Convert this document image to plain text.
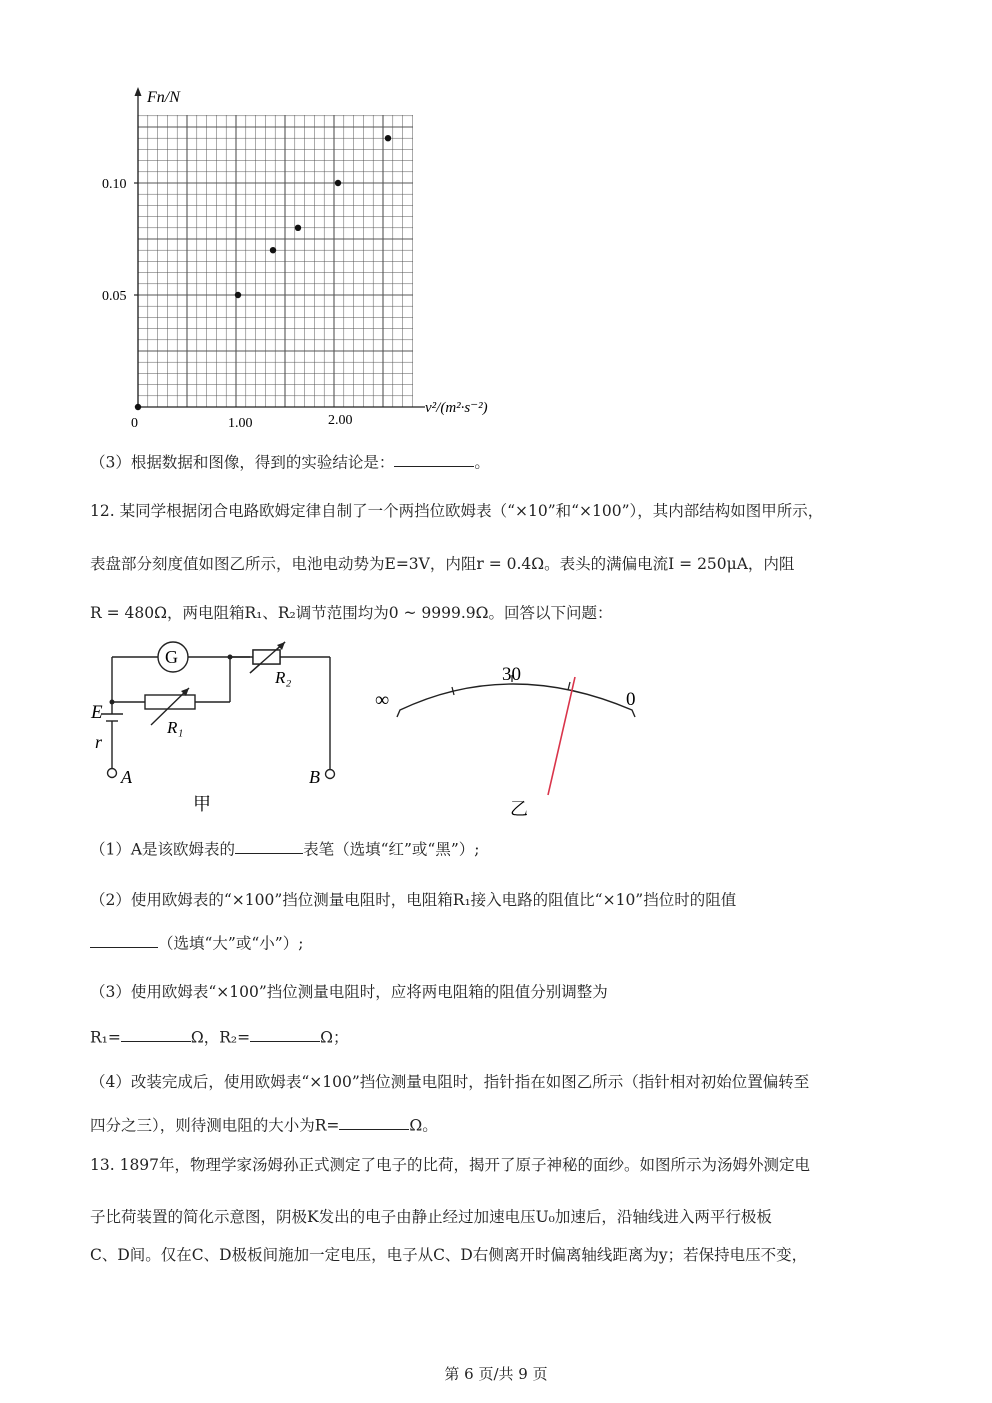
Fn/N
v²/(m²·s⁻²)
0.05
0.10
0	1.00	2.00
（3）根据数据和图像，得到的实验结论是：	。
12. 某同学根据闭合电路欧姆定律自制了一个两挡位欧姆表（“×10”和“×100”），其内部结构如图甲所示，
表盘部分刻度值如图乙所示，电池电动势为E=3V，内阻r = 0.4Ω。表头的满偏电流I = 250μA，内阻
R = 480Ω，两电阻箱R₁、R₂调节范围均为0 ~ 9999.9Ω。回答以下问题：
G
R₂
R₁
E
r
A	B
甲
∞
30
0
乙
（1）A是该欧姆表的	表笔（选填“红”或“黑”）;
（2）使用欧姆表的“×100”挡位测量电阻时，电阻箱R₁接入电路的阻值比“×10”挡位时的阻值
（选填“大”或“小”）;
（3）使用欧姆表“×100”挡位测量电阻时，应将两电阻箱的阻值分别调整为
R₁=	Ω，R₂=	Ω；
（4）改装完成后，使用欧姆表“×100”挡位测量电阻时，指针指在如图乙所示（指针相对初始位置偏转至
四分之三），则待测电阻的大小为R=	Ω。
13. 1897年，物理学家汤姆孙正式测定了电子的比荷，揭开了原子神秘的面纱。如图所示为汤姆外测定电
子比荷装置的简化示意图，阴极K发出的电子由静止经过加速电压U₀加速后，沿轴线进入两平行极板
C、D间。仅在C、D极板间施加一定电压，电子从C、D右侧离开时偏离轴线距离为y；若保持电压不变，
第 6 页/共 9 页
